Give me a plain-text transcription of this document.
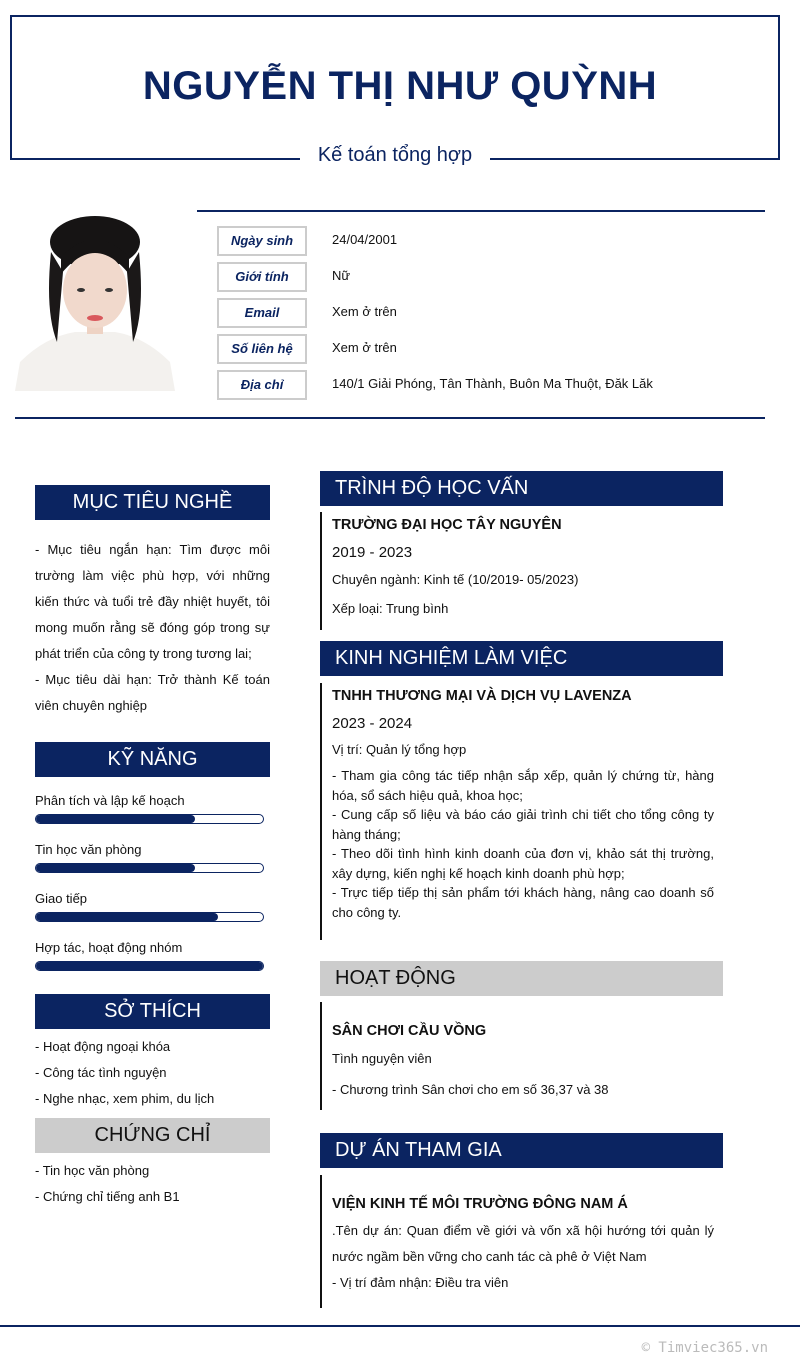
NGUYỄN THỊ NHƯ QUỲNH
Kế toán tổng hợp
Ngày sinh	24/04/2001
Giới tính	Nữ
Email	Xem ở trên
Số liên hệ	Xem ở trên
Địa chỉ	140/1 Giải Phóng, Tân Thành, Buôn Ma Thuột, Đăk Lăk
MỤC TIÊU NGHỀ NGHIỆP
- Mục tiêu ngắn hạn: Tìm được môi trường làm việc phù hợp, với những kiến thức và tuổi trẻ đầy nhiệt huyết, tôi mong muốn rằng sẽ đóng góp trong sự phát triển của công ty trong tương lai;
- Mục tiêu dài hạn: Trở thành Kế toán viên chuyên nghiệp
KỸ NĂNG
Phân tích và lập kế hoạch
Tin học văn phòng
Giao tiếp
Hợp tác, hoạt động nhóm
SỞ THÍCH
- Hoạt động ngoại khóa
- Công tác tình nguyện
- Nghe nhạc, xem phim, du lịch
CHỨNG CHỈ
- Tin học văn phòng
- Chứng chỉ tiếng anh B1
TRÌNH ĐỘ HỌC VẤN
TRƯỜNG ĐẠI HỌC TÂY NGUYÊN
2019 - 2023
Chuyên ngành: Kinh tế (10/2019- 05/2023)
Xếp loại: Trung bình
KINH NGHIỆM LÀM VIỆC
TNHH THƯƠNG MẠI VÀ DỊCH VỤ LAVENZA
2023 - 2024
Vị trí: Quản lý tổng hợp
- Tham gia công tác tiếp nhận sắp xếp, quản lý chứng từ, hàng hóa, sổ sách hiệu quả, khoa học;
- Cung cấp số liệu và báo cáo giải trình chi tiết cho tổng công ty hàng tháng;
- Theo dõi tình hình kinh doanh của đơn vị, khảo sát thị trường, xây dựng, kiến nghị kế hoạch kinh doanh phù hợp;
- Trực tiếp tiếp thị sản phẩm tới khách hàng, nâng cao doanh số cho công ty.
HOẠT ĐỘNG
SÂN CHƠI CẦU VỒNG
Tình nguyện viên
- Chương trình Sân chơi cho em số 36,37 và 38
DỰ ÁN THAM GIA
VIỆN KINH TẾ MÔI TRƯỜNG ĐÔNG NAM Á
.Tên dự án: Quan điểm về giới và vốn xã hội hướng tới quản lý nước ngầm bền vững cho canh tác cà phê ở Việt Nam
- Vị trí đảm nhận: Điều tra viên
© Timviec365.vn
